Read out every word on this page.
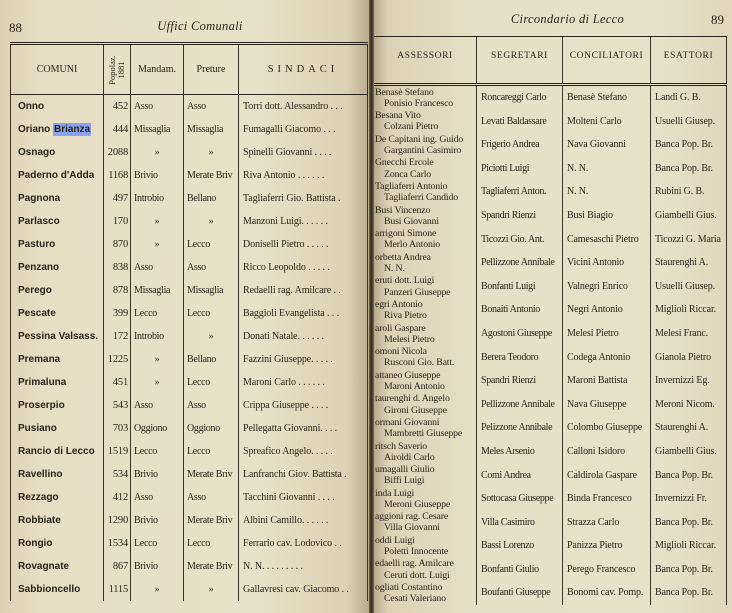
88	Uffici Comunali
COMUNI	Popolaz. 1881	Mandam.	Preture	SINDACI
Onno	452 Asso	Asso	Torri dott. Alessandro . . .
Oriano Brianza	444 Missaglia	Missaglia	Fumagalli Giacomo . . .
Osnago	2088	»	»	Spinelli Giovanni . . . .
Paderno d'Adda	1168 Brivio	Merate Briv	Riva Antonio . . . . . .
Pagnona	497 Introbio	Bellano	Tagliaferri Gio. Battista .
Parlasco	170	»	»	Manzoni Luigi. . . . . .
Pasturo	870	»	Lecco	Doniselli Pietro . . . . .
Penzano	838 Asso	Asso	Ricco Leopoldo . . . . .
Perego	878 Missaglia	Missaglia	Redaelli rag. Amilcare . .
Pescate	399 Lecco	Lecco	Baggioli Evangelista . . .
Pessina Valsass.	172 Introbio	»	Donati Natale. . . . . .
Premana	1225	»	Bellano	Fazzini Giuseppe. . . . .
Primaluna	451	»	Lecco	Maroni Carlo . . . . . .
Proserpio	543 Asso	Asso	Crippa Giuseppe . . . .
Pusiano	703 Oggiono	Oggiono	Pellegatta Giovanni. . . .
Rancio di Lecco	1519 Lecco	Lecco	Spreafico Angelo. . . . .
Ravellino	534 Brivio	Merate Briv	Lanfranchi Giov. Battista .
Rezzago	412 Asso	Asso	Tacchini Giovanni . . . .
Robbiate	1290 Brivio	Merate Briv	Albini Camillo. . . . . .
Rongio	1534 Lecco	Lecco	Ferrario cav. Lodovico . .
Rovagnate	867 Brivio	Merate Briv	N. N. . . . . . . . .
Sabbioncello	1115	»	»	Gallavresi cav. Giacomo . .
Circondario di Lecco	89
ASSESSORI	SEGRETARI	CONCILIATORI	ESATTORI
Benasè Stefano
Ponisio Francesco
Roncareggi Carlo	Benasè Stefano	Landi G. B.
Besana Vito
Colzani Pietro
Levati Baldassare	Molteni Carlo	Usuelli Giusep.
De Capitani ing. Guido
Gargantini Casimiro
Frigerio Andrea	Nava Giovanni	Banca Pop. Br.
Gnecchi Ercole
Zonca Carlo
Piciotti Luigi	N. N.	Banca Pop. Br.
Tagliaferri Antonio
Tagliaferri Candido
Tagliaferri Anton.	N. N.	Rubini G. B.
Busi Vincenzo
Busi Giovanni
Spandri Rienzi	Busi Biagio	Giambelli Gius.
arrigoni Simone
Merlo Antonio
Ticozzi Gio. Ant.	Camesaschi Pietro	Ticozzi G. Maria
orbetta Andrea
N. N.
Pellizzone Annibale	Vicini Antonio	Staurenghi A.
eruti dott. Luigi
Panzeri Giuseppe
Bonfanti Luigi	Valnegri Enrico	Usuelli Giusep.
egri Antonio
Riva Pietro
Bonaiti Antonio	Negri Antonio	Miglioli Riccar.
aroli Gaspare
Melesi Pietro
Agostoni Giuseppe	Melesi Pietro	Melesi Franc.
omoni Nicola
Rusconi Gio. Batt.
Berera Teodoro	Codega Antonio	Gianola Pietro
attaneo Giuseppe
Maroni Antonio
Spandri Rienzi	Maroni Battista	Invernizzi Eg.
taurenghi d. Angelo
Gironi Giuseppe
Pellizzone Annibale	Nava Giuseppe	Meroni Nicom.
ormani Giovanni
Mambretti Giuseppe
Pelizzone Annibale	Colombo Giuseppe	Staurenghi A.
ritsch Saverio
Airoldi Carlo
Meles Arsenio	Calloni Isidoro	Giambelli Gius.
umagalli Giulio
Biffi Luigi
Comi Andrea	Caldirola Gaspare	Banca Pop. Br.
inda Luigi
Meroni Giuseppe
Sottocasa Giuseppe	Binda Francesco	Invernizzi Fr.
aggioni rag. Cesare
Villa Giovanni
Villa Casimiro	Strazza Carlo	Banca Pop. Br.
oddi Luigi
Poletti Innocente
Bassi Lorenzo	Panizza Pietro	Miglioli Riccar.
edaelli rag. Amilcare
Ceruti dott. Luigi
Bonfanti Giulio	Perego Francesco	Banca Pop. Br.
ogliati Costantino
Cesati Valeriano
Boufanti Giuseppe	Bonomi cav. Pomp.	Banca Pop. Br.
